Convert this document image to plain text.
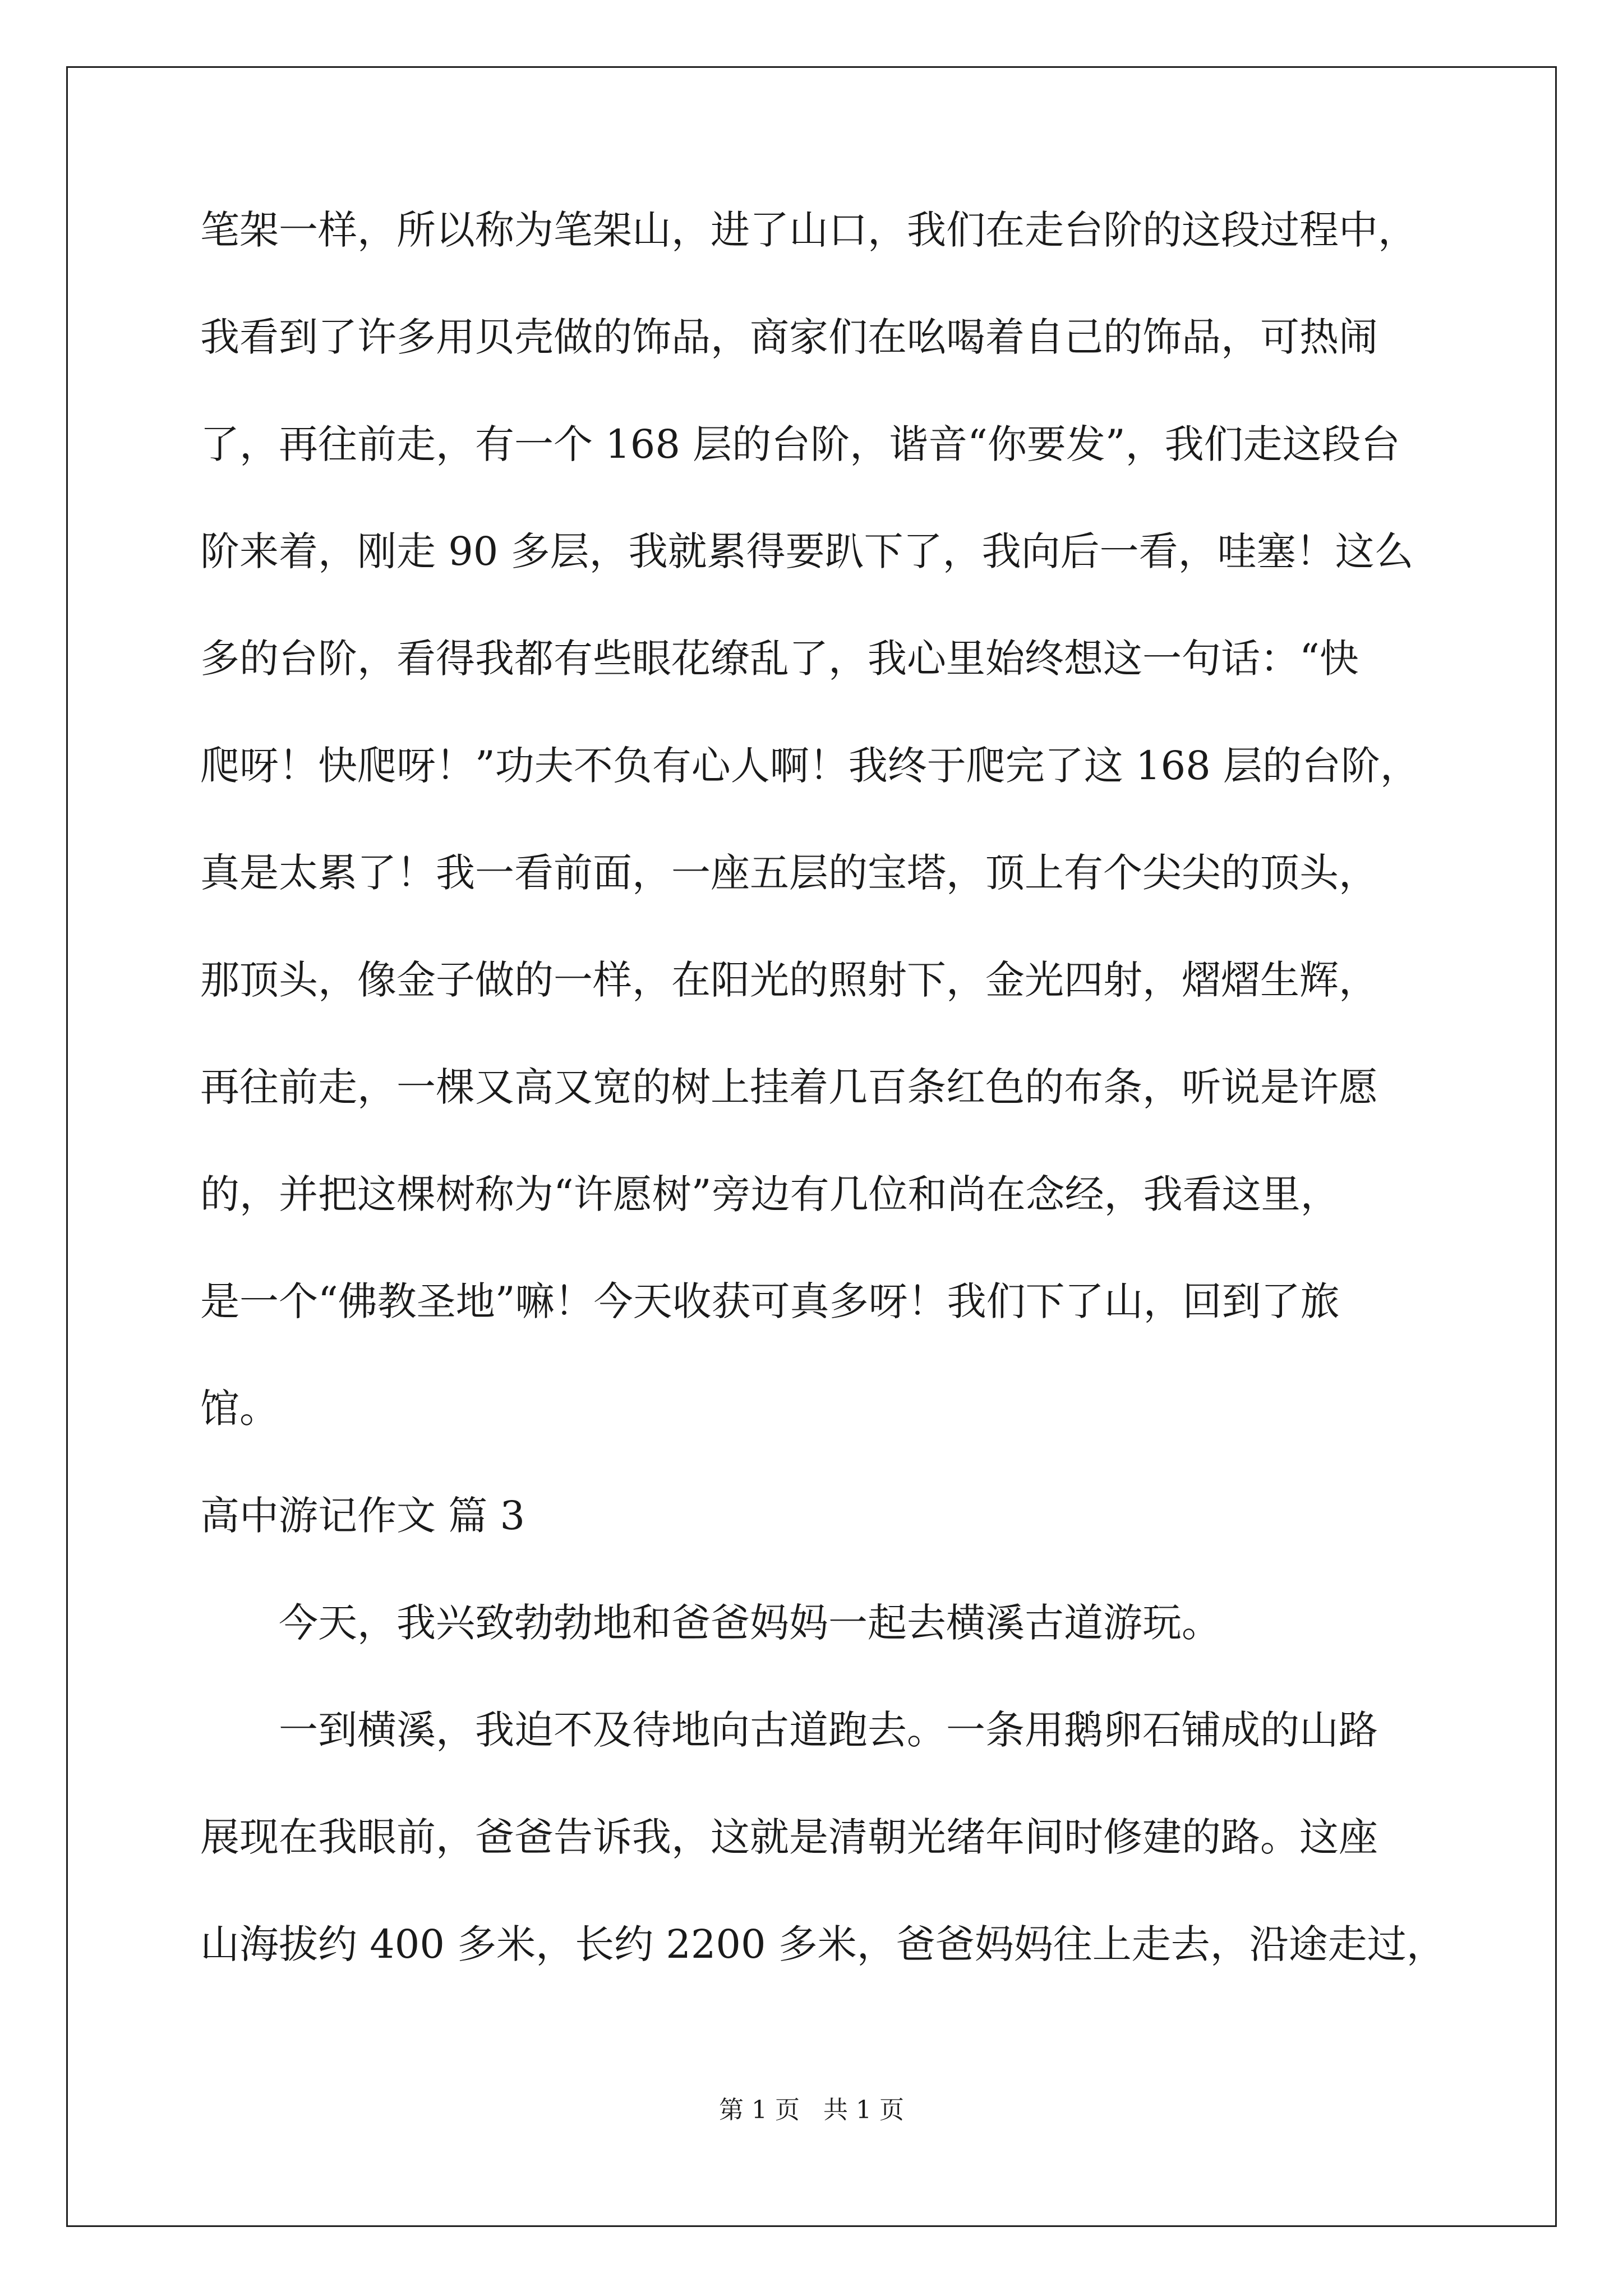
笔架一样，所以称为笔架山，进了山口，我们在走台阶的这段过程中，
我看到了许多用贝壳做的饰品，商家们在吆喝着自己的饰品，可热闹
了，再往前走，有一个 168 层的台阶，谐音“你要发”，我们走这段台
阶来着，刚走 90 多层，我就累得要趴下了，我向后一看，哇塞！这么
多的台阶，看得我都有些眼花缭乱了，我心里始终想这一句话：“快
爬呀！快爬呀！”功夫不负有心人啊！我终于爬完了这 168 层的台阶，
真是太累了！我一看前面，一座五层的宝塔，顶上有个尖尖的顶头，
那顶头，像金子做的一样，在阳光的照射下，金光四射，熠熠生辉，
再往前走，一棵又高又宽的树上挂着几百条红色的布条，听说是许愿
的，并把这棵树称为“许愿树”旁边有几位和尚在念经，我看这里，
是一个“佛教圣地”嘛！今天收获可真多呀！我们下了山，回到了旅
馆。
高中游记作文 篇 3
今天，我兴致勃勃地和爸爸妈妈一起去横溪古道游玩。
一到横溪，我迫不及待地向古道跑去。一条用鹅卵石铺成的山路
展现在我眼前，爸爸告诉我，这就是清朝光绪年间时修建的路。这座
山海拔约 400 多米，长约 2200 多米，爸爸妈妈往上走去，沿途走过，
第 1 页   共 1 页
